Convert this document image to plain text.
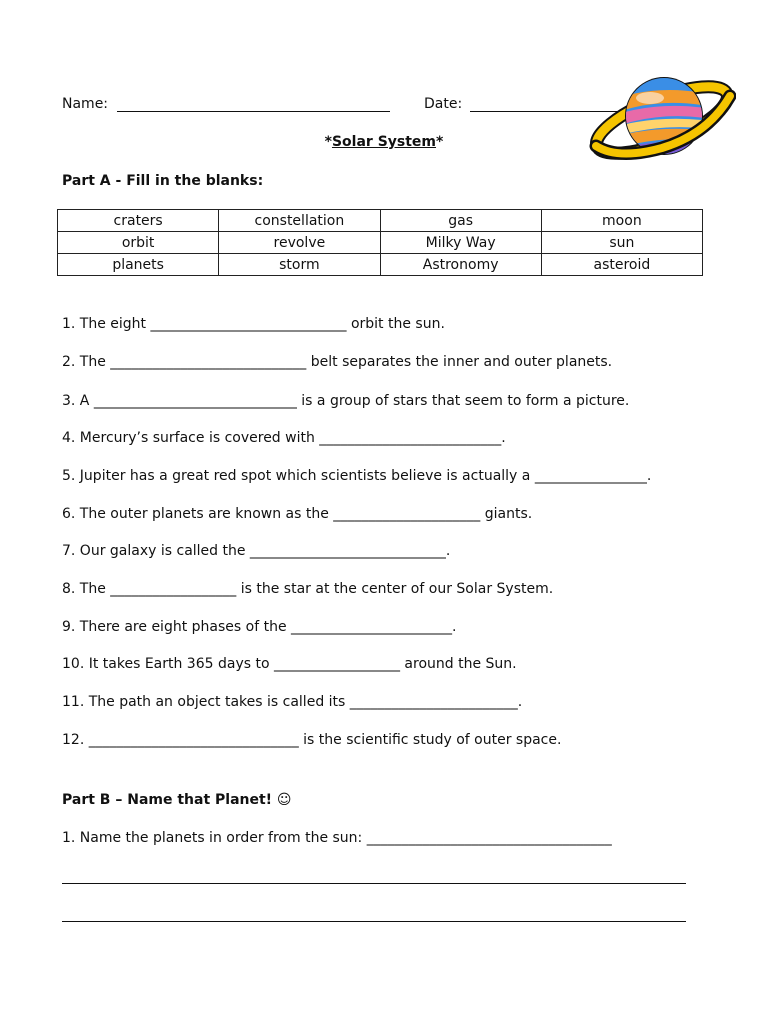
Name:	Date:
*Solar System*
Part A - Fill in the blanks:
craters	constellation	gas	moon
orbit	revolve	Milky Way	sun
planets	storm	Astronomy	asteroid
1. The eight ____________________________ orbit the sun.
2. The ____________________________ belt separates the inner and outer planets.
3. A _____________________________ is a group of stars that seem to form a picture.
4. Mercury’s surface is covered with __________________________.
5. Jupiter has a great red spot which scientists believe is actually a ________________.
6. The outer planets are known as the _____________________ giants.
7. Our galaxy is called the ____________________________.
8. The __________________ is the star at the center of our Solar System.
9. There are eight phases of the _______________________.
10. It takes Earth 365 days to __________________ around the Sun.
11. The path an object takes is called its ________________________.
12. ______________________________ is the scientific study of outer space.
Part B – Name that Planet! ☺
1. Name the planets in order from the sun: ___________________________________
